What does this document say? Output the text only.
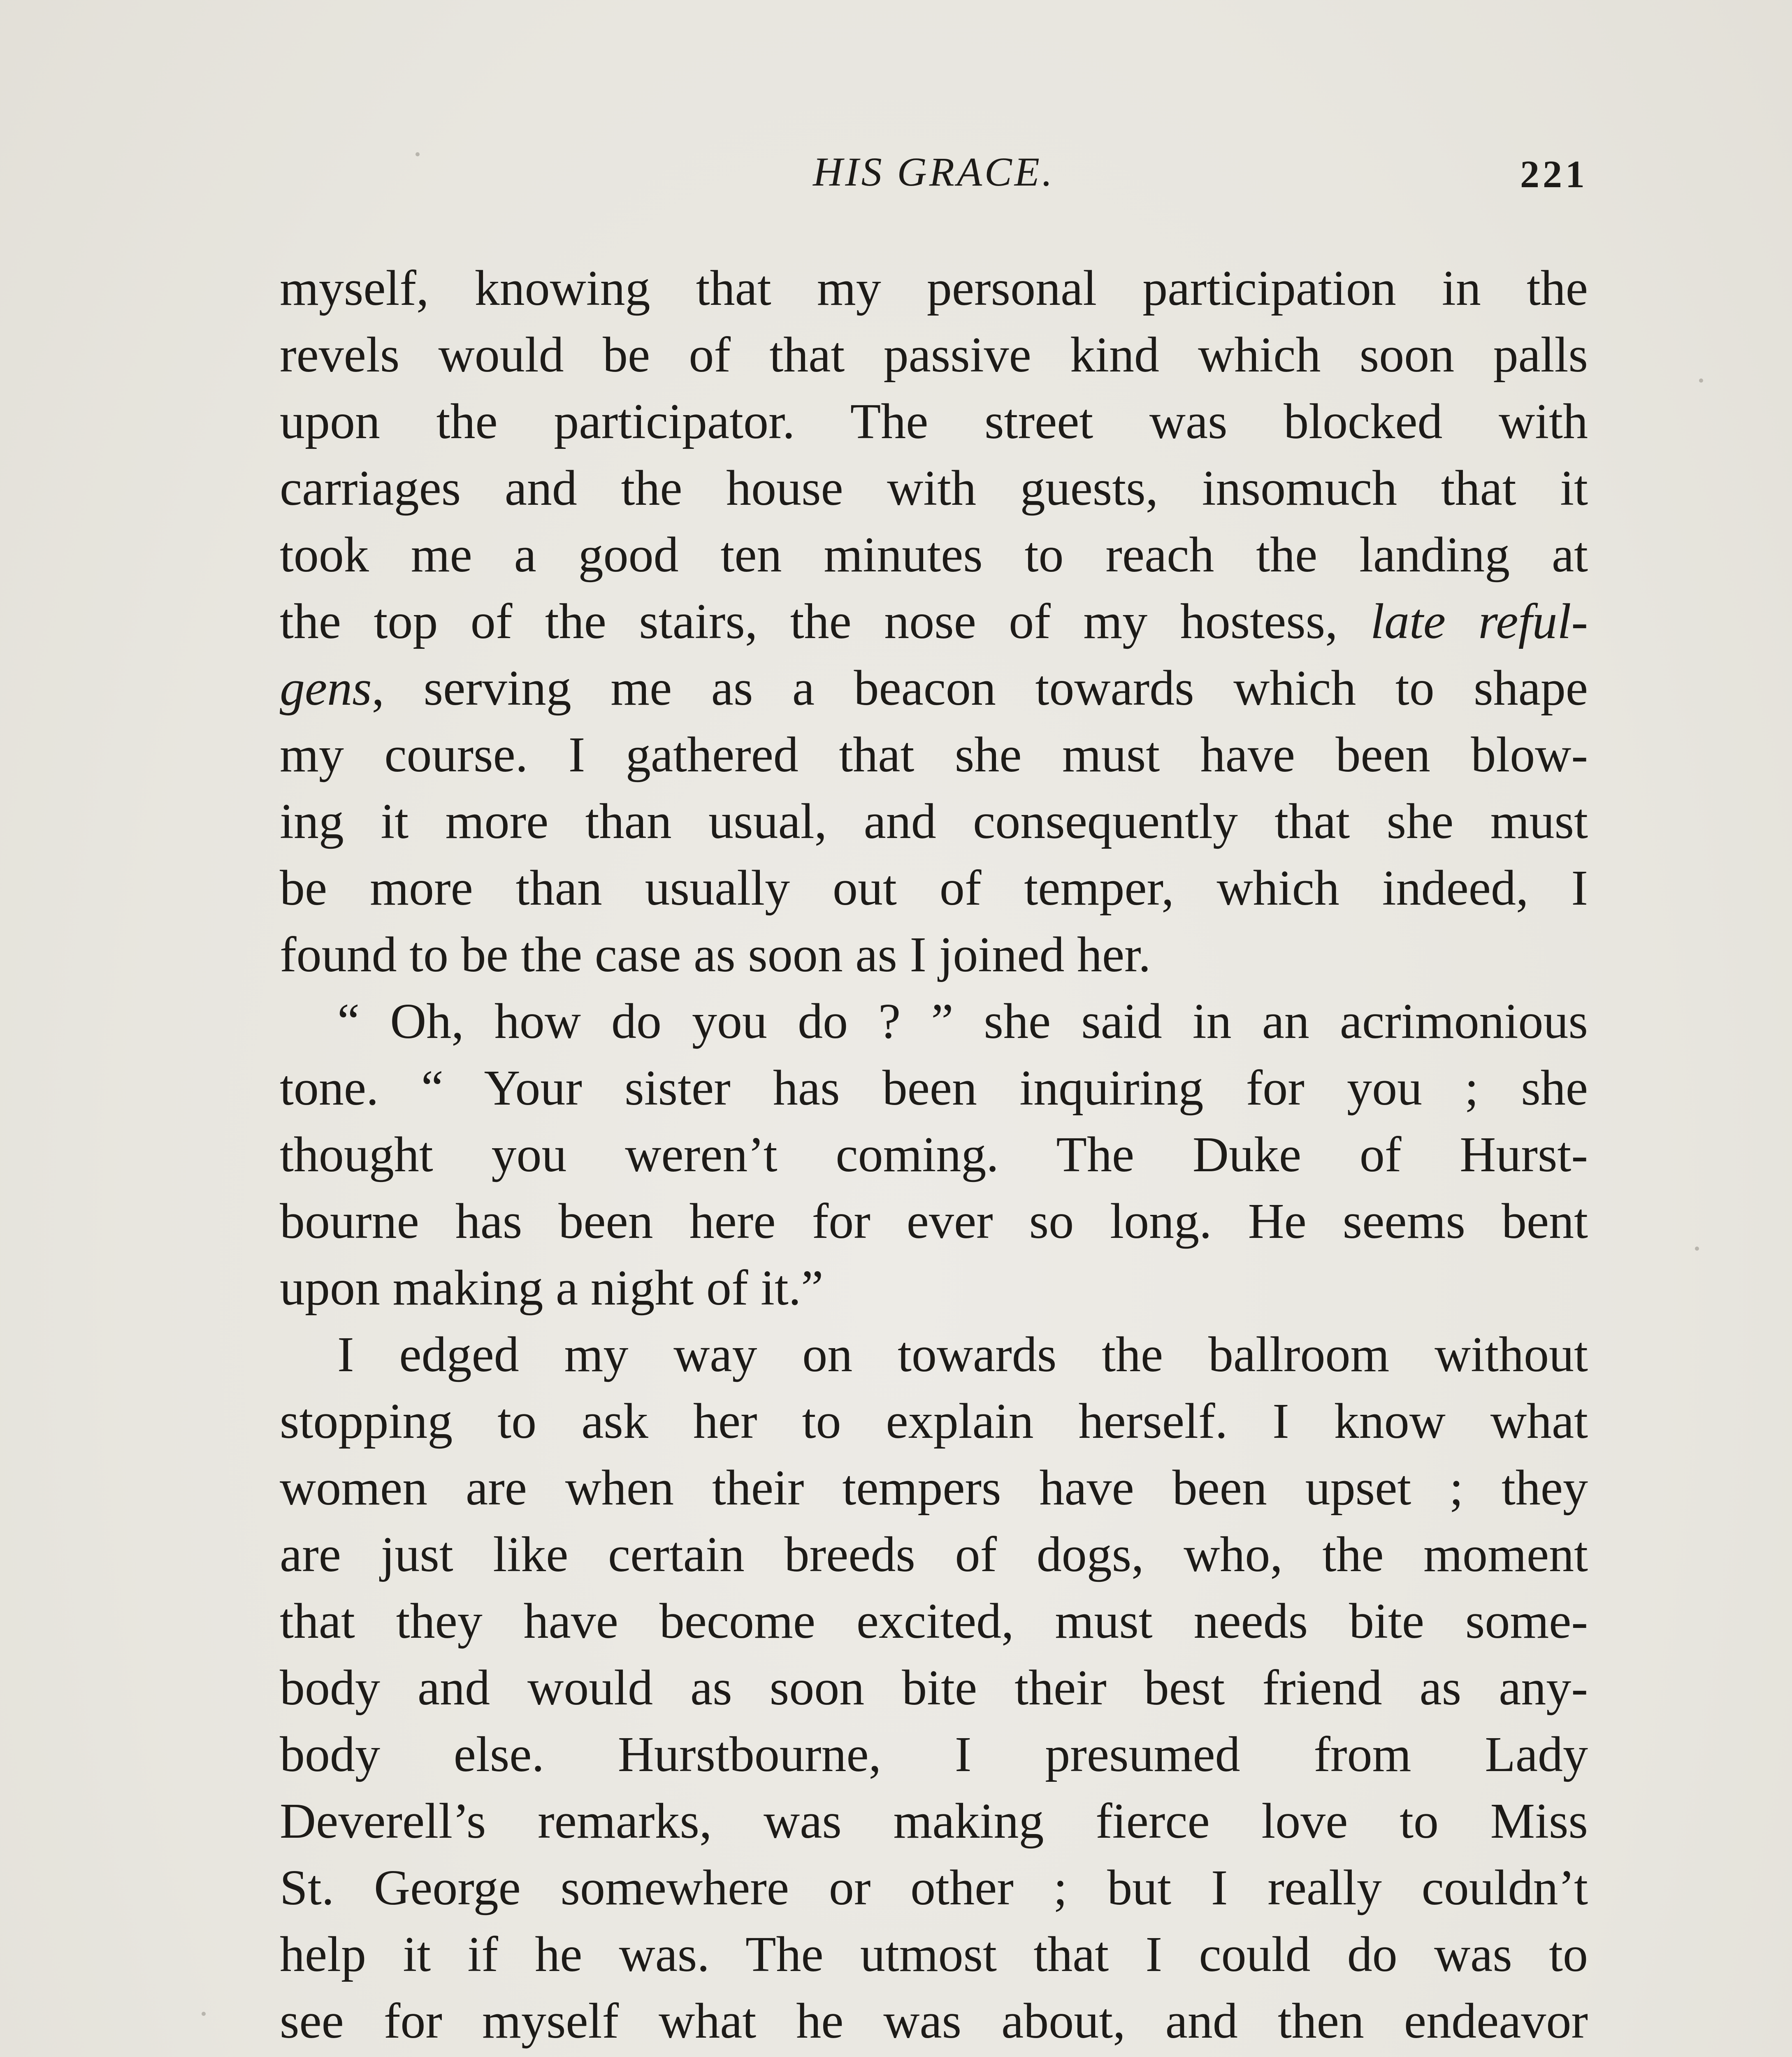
HIS GRACE.	221
myself, knowing that my personal participation in the
revels would be of that passive kind which soon palls
upon the participator. The street was blocked with
carriages and the house with guests, insomuch that it
took me a good ten minutes to reach the landing at
the top of the stairs, the nose of my hostess, late reful-
gens, serving me as a beacon towards which to shape
my course. I gathered that she must have been blow-
ing it more than usual, and consequently that she must
be more than usually out of temper, which indeed, I
found to be the case as soon as I joined her.
“ Oh, how do you do ? ” she said in an acrimonious
tone. “ Your sister has been inquiring for you ; she
thought you weren’t coming. The Duke of Hurst-
bourne has been here for ever so long. He seems bent
upon making a night of it.”
I edged my way on towards the ballroom without
stopping to ask her to explain herself. I know what
women are when their tempers have been upset ; they
are just like certain breeds of dogs, who, the moment
that they have become excited, must needs bite some-
body and would as soon bite their best friend as any-
body else. Hurstbourne, I presumed from Lady
Deverell’s remarks, was making fierce love to Miss
St. George somewhere or other ; but I really couldn’t
help it if he was. The utmost that I could do was to
see for myself what he was about, and then endeavor
